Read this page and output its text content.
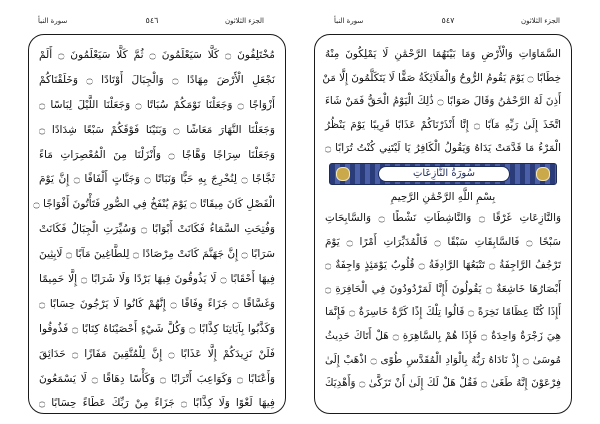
سورة النبأ	٥٤٦	الجزء الثلاثون
مُخْتَلِفُونَ ۝ كَلَّا سَيَعْلَمُونَ ۝ ثُمَّ كَلَّا سَيَعْلَمُونَ ۝ أَلَمْ
نَجْعَلِ الْأَرْضَ مِهَادًا ۝ وَالْجِبَالَ أَوْتَادًا ۝ وَخَلَقْنَاكُمْ
أَزْوَاجًا ۝ وَجَعَلْنَا نَوْمَكُمْ سُبَاتًا ۝ وَجَعَلْنَا اللَّيْلَ لِبَاسًا ۝
وَجَعَلْنَا النَّهَارَ مَعَاشًا ۝ وَبَنَيْنَا فَوْقَكُمْ سَبْعًا شِدَادًا ۝
وَجَعَلْنَا سِرَاجًا وَهَّاجًا ۝ وَأَنْزَلْنَا مِنَ الْمُعْصِرَاتِ مَاءً
ثَجَّاجًا ۝ لِنُخْرِجَ بِهِ حَبًّا وَنَبَاتًا ۝ وَجَنَّاتٍ أَلْفَافًا ۝ إِنَّ يَوْمَ
الْفَصْلِ كَانَ مِيقَاتًا ۝ يَوْمَ يُنْفَخُ فِي الصُّورِ فَتَأْتُونَ أَفْوَاجًا ۝
وَفُتِحَتِ السَّمَاءُ فَكَانَتْ أَبْوَابًا ۝ وَسُيِّرَتِ الْجِبَالُ فَكَانَتْ
سَرَابًا ۝ إِنَّ جَهَنَّمَ كَانَتْ مِرْصَادًا ۝ لِلطَّاغِينَ مَآبًا ۝ لَابِثِينَ
فِيهَا أَحْقَابًا ۝ لَا يَذُوقُونَ فِيهَا بَرْدًا وَلَا شَرَابًا ۝ إِلَّا حَمِيمًا
وَغَسَّاقًا ۝ جَزَاءً وِفَاقًا ۝ إِنَّهُمْ كَانُوا لَا يَرْجُونَ حِسَابًا ۝
وَكَذَّبُوا بِآيَاتِنَا كِذَّابًا ۝ وَكُلَّ شَيْءٍ أَحْصَيْنَاهُ كِتَابًا ۝ فَذُوقُوا
فَلَنْ نَزِيدَكُمْ إِلَّا عَذَابًا ۝ إِنَّ لِلْمُتَّقِينَ مَفَازًا ۝ حَدَائِقَ
وَأَعْنَابًا ۝ وَكَوَاعِبَ أَتْرَابًا ۝ وَكَأْسًا دِهَاقًا ۝ لَا يَسْمَعُونَ
فِيهَا لَغْوًا وَلَا كِذَّابًا ۝ جَزَاءً مِنْ رَبِّكَ عَطَاءً حِسَابًا ۝
سورة النبأ	٥٤٧	الجزء الثلاثون
السَّمَاوَاتِ وَالْأَرْضِ وَمَا بَيْنَهُمَا الرَّحْمَٰنِ لَا يَمْلِكُونَ مِنْهُ
خِطَابًا ۝ يَوْمَ يَقُومُ الرُّوحُ وَالْمَلَائِكَةُ صَفًّا لَا يَتَكَلَّمُونَ إِلَّا مَنْ
أَذِنَ لَهُ الرَّحْمَٰنُ وَقَالَ صَوَابًا ۝ ذَٰلِكَ الْيَوْمُ الْحَقُّ فَمَنْ شَاءَ
اتَّخَذَ إِلَىٰ رَبِّهِ مَآبًا ۝ إِنَّا أَنْذَرْنَاكُمْ عَذَابًا قَرِيبًا يَوْمَ يَنْظُرُ
الْمَرْءُ مَا قَدَّمَتْ يَدَاهُ وَيَقُولُ الْكَافِرُ يَا لَيْتَنِي كُنْتُ تُرَابًا ۝
سُورَةُ النَّازِعَاتِ
بِسْمِ اللَّهِ الرَّحْمَٰنِ الرَّحِيمِ
وَالنَّازِعَاتِ غَرْقًا ۝ وَالنَّاشِطَاتِ نَشْطًا ۝ وَالسَّابِحَاتِ
سَبْحًا ۝ فَالسَّابِقَاتِ سَبْقًا ۝ فَالْمُدَبِّرَاتِ أَمْرًا ۝ يَوْمَ
تَرْجُفُ الرَّاجِفَةُ ۝ تَتْبَعُهَا الرَّادِفَةُ ۝ قُلُوبٌ يَوْمَئِذٍ وَاجِفَةٌ ۝
أَبْصَارُهَا خَاشِعَةٌ ۝ يَقُولُونَ أَإِنَّا لَمَرْدُودُونَ فِي الْحَافِرَةِ ۝
أَإِذَا كُنَّا عِظَامًا نَخِرَةً ۝ قَالُوا تِلْكَ إِذًا كَرَّةٌ خَاسِرَةٌ ۝ فَإِنَّمَا
هِيَ زَجْرَةٌ وَاحِدَةٌ ۝ فَإِذَا هُمْ بِالسَّاهِرَةِ ۝ هَلْ أَتَاكَ حَدِيثُ
مُوسَىٰ ۝ إِذْ نَادَاهُ رَبُّهُ بِالْوَادِ الْمُقَدَّسِ طُوًى ۝ اذْهَبْ إِلَىٰ
فِرْعَوْنَ إِنَّهُ طَغَىٰ ۝ فَقُلْ هَلْ لَكَ إِلَىٰ أَنْ تَزَكَّىٰ ۝ وَأَهْدِيَكَ
